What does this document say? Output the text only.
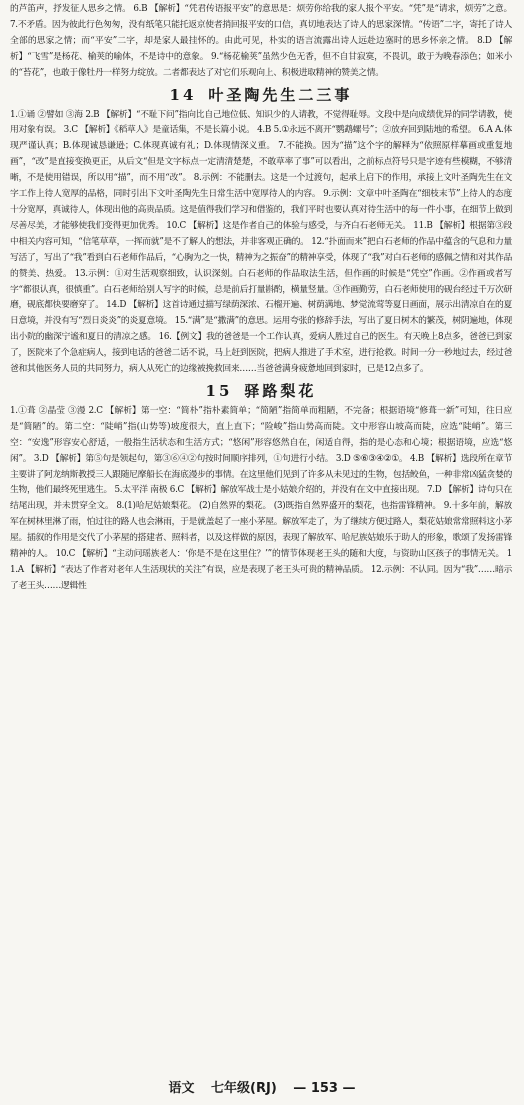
的芦笛声，抒发征人思乡之情。 6.B 【解析】“凭君传语报平安”的意思是：烦劳你给我的家人报个平安。“凭”是“请求，烦劳”之意。 7.不矛盾。因为彼此行色匆匆，没有纸笔只能托返京使者捎回报平安的口信，真切地表达了诗人的思家深情。“传语”二字，寄托了诗人全部的思家之情；而“平安”二字，却是家人最挂怀的。由此可见，朴实的语言流露出诗人远赴边塞时的思乡怀亲之情。 8.D 【解析】“飞雪”是杨花、榆荚的喻体，不是诗中的意象。 9.“杨花榆荚”虽然少色无香，但不自甘寂寞，不畏讥，敢于为晚春添色；如米小的“苔花”，也敢于像牡丹一样努力绽放。二者都表达了对它们乐观向上、积极进取精神的赞美之情。

14 叶圣陶先生二三事

1.①诵 ②譬如 ③海 2.B 【解析】“不耻下问”指向比自己地位低、知识少的人请教，不觉得耻辱。文段中是向成绩优异的同学请教，使用对象有误。 3.C 【解析】《稻草人》是童话集，不是长篇小说。 4.B 5.①永远不离开“鹦鹉螺号”；②放弃回到陆地的希望。 6.A A.体现严谨认真；B.体现诚恳谦逊；C.体现真诚有礼；D.体现情深义重。 7.不能换。因为“描”这个字的解释为“依照原样摹画或重复地画”，“改”是直接变换更正，从后文“但是文字标点一定清清楚楚，不敢草率了事”可以看出，之前标点符号只是字迹有些模糊，不够清晰，不是使用错误，所以用“描”，而不用“改”。 8.示例：不能删去。这是一个过渡句，起承上启下的作用，承接上文叶圣陶先生在文字工作上待人宽厚的品格，同时引出下文叶圣陶先生日常生活中宽厚待人的内容。 9.示例：文章中叶圣陶在“细枝末节”上待人的态度十分宽厚，真诚待人，体现出他的高贵品质。这是值得我们学习和借鉴的，我们平时也要认真对待生活中的每一件小事，在细节上做到尽善尽美，才能够使我们变得更加优秀。 10.C 【解析】这是作者自己的体验与感受，与齐白石老师无关。 11.B 【解析】根据第③段中相关内容可知，“信笔草草，一挥而就”是不了解人的想法，并非客观正确的。 12.“扑面而来”把白石老师的作品中蕴含的气息和力量写活了，写出了“我”看到白石老师作品后，“心胸为之一快，精神为之振奋”的精神享受，体现了“我”对白石老师的感佩之情和对其作品的赞美、热爱。 13.示例：①对生活观察细致，认识深刻。白石老师的作品取法生活，但作画的时候是“凭空”作画。②作画或者写字“都很认真，很慎重”。白石老师给别人写字的时候，总是前后打量斟酌，横量竖量。③作画勤劳，白石老师使用的砚台经过千万次研磨，砚底都快要磨穿了。 14.D 【解析】这首诗通过描写绿荫深浓、石榴开遍、树荫满地、梦觉流莺等夏日画面，展示出清凉自在的夏日意境，并没有写“烈日炎炎”的炎夏意境。 15.“满”是“撒满”的意思。运用夸张的修辞手法，写出了夏日树木的繁茂，树阴遍地，体现出小院的幽深宁谧和夏日的清凉之感。 16.【例文】我的爸爸是一个工作认真，爱病人胜过自己的医生。有天晚上8点多，爸爸已到家了，医院来了个急症病人，接到电话的爸爸二话不说，马上赶到医院，把病人推进了手术室，进行抢救。时间一分一秒地过去，经过爸爸和其他医务人员的共同努力，病人从死亡的边缘被挽救回来……当爸爸满身疲惫地回到家时，已是12点多了。

15 驿路梨花

1.①葺 ②晶莹 ③漫 2.C 【解析】第一空：“简朴”指朴素简单；“简陋”指简单而粗陋，不完备；根据语境“修葺一新”可知，往日应是“简陋”的。第二空：“陡峭”指(山势等)坡度很大，直上直下；“险峻”指山势高而陡。文中形容山坡高而陡，应选“陡峭”。第三空：“安逸”形容安心舒适，一般指生活状态和生活方式；“悠闲”形容悠然自在，闲适自得，指的是心态和心境；根据语境，应选“悠闲”。 3.D 【解析】第⑤句是领起句，第③⑥④②句按时间顺序排列，①句进行小结。 3.D ⑤⑥③④②①。 4.B 【解析】选段所在章节主要讲了阿龙纳斯教授三人跟随尼摩船长在海底漫步的事情。在这里他们见到了许多从未见过的生物，包括鲛鱼，一种非常凶猛贪婪的生物，他们最终死里逃生。 5.太平洋 南极 6.C 【解析】解放军战士是小姑娘介绍的，并没有在文中直接出现。 7.D 【解析】诗句只在结尾出现，并未贯穿全文。 8.(1)哈尼姑娘梨花。 (2)自然界的梨花。 (3)既指自然界盛开的梨花，也指雷锋精神。 9.十多年前，解放军在树林里淋了雨，怕过往的路人也会淋雨，于是就盖起了一座小茅屋。解放军走了，为了继续方便过路人，梨花姑娘常常照料这小茅屋。插叙的作用是交代了小茅屋的搭建者、照料者，以及这样做的原因，表现了解放军、哈尼族姑娘乐于助人的形象，歌颂了发扬雷锋精神的人。 10.C 【解析】“主动问瑶族老人：‘你是不是在这里住？’”的情节体现老王头的随和大度，与资助山区孩子的事情无关。 11.A 【解析】“表达了作者对老年人生活现状的关注”有误，应是表现了老王头可贵的精神品质。 12.示例：不认同。因为“我”……暗示了老王头……逻辑性

语文 七年级(RJ) — 153 —
